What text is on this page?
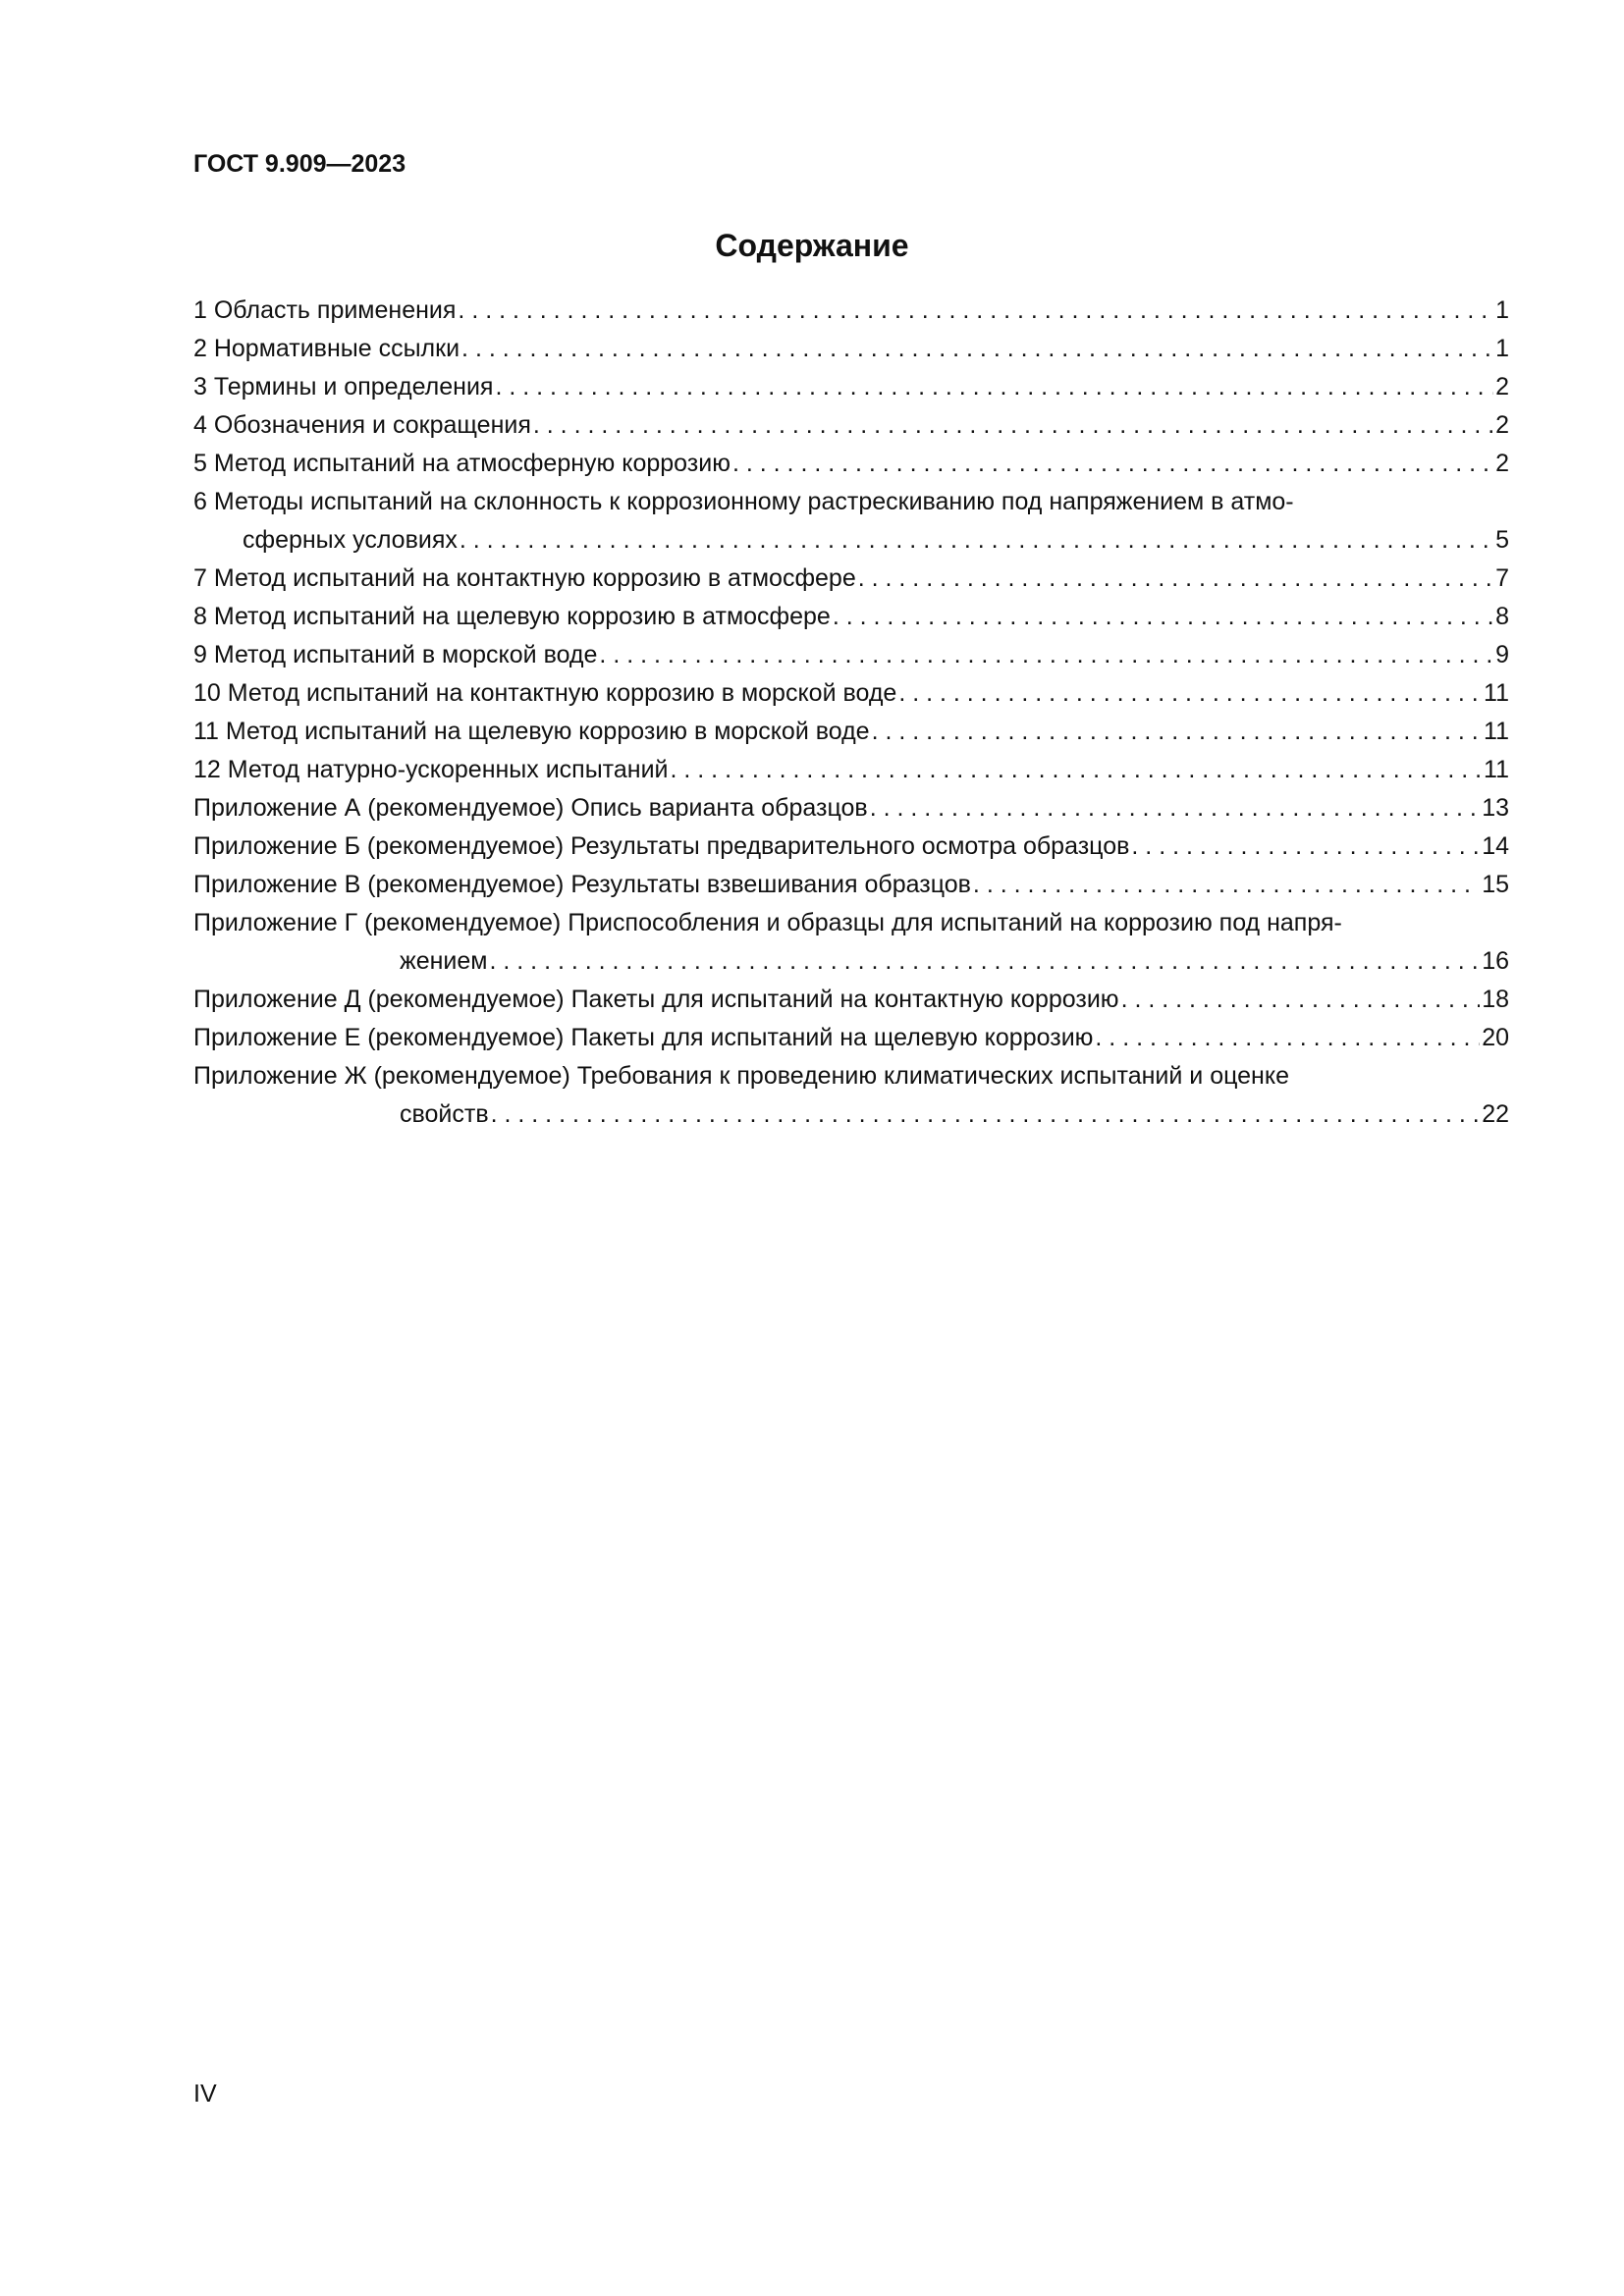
ГОСТ 9.909—2023
Содержание
1 Область применения . . .	1
2 Нормативные ссылки . . .	1
3 Термины и определения . . .	2
4 Обозначения и сокращения . . .	2
5 Метод испытаний на атмосферную коррозию . . .	2
6 Методы испытаний на склонность к коррозионному растрескиванию под напряжением в атмо-
сферных условиях . . .	5
7 Метод испытаний на контактную коррозию в атмосфере . . .	7
8 Метод испытаний на щелевую коррозию в атмосфере . . .	8
9 Метод испытаний в морской воде . . .	9
10 Метод испытаний на контактную коррозию в морской воде . . .	11
11 Метод испытаний на щелевую коррозию в морской воде . . .	11
12 Метод натурно-ускоренных испытаний . . .	11
Приложение А (рекомендуемое) Опись варианта образцов . . .	13
Приложение Б (рекомендуемое) Результаты предварительного осмотра образцов . . .	14
Приложение В (рекомендуемое) Результаты взвешивания образцов . . .	15
Приложение Г (рекомендуемое) Приспособления и образцы для испытаний на коррозию под напря-
жением . . .	16
Приложение Д (рекомендуемое) Пакеты для испытаний на контактную коррозию . . .	18
Приложение Е (рекомендуемое) Пакеты для испытаний на щелевую коррозию . . .	20
Приложение Ж (рекомендуемое) Требования к проведению климатических испытаний и оценке
свойств . . .	22
IV
